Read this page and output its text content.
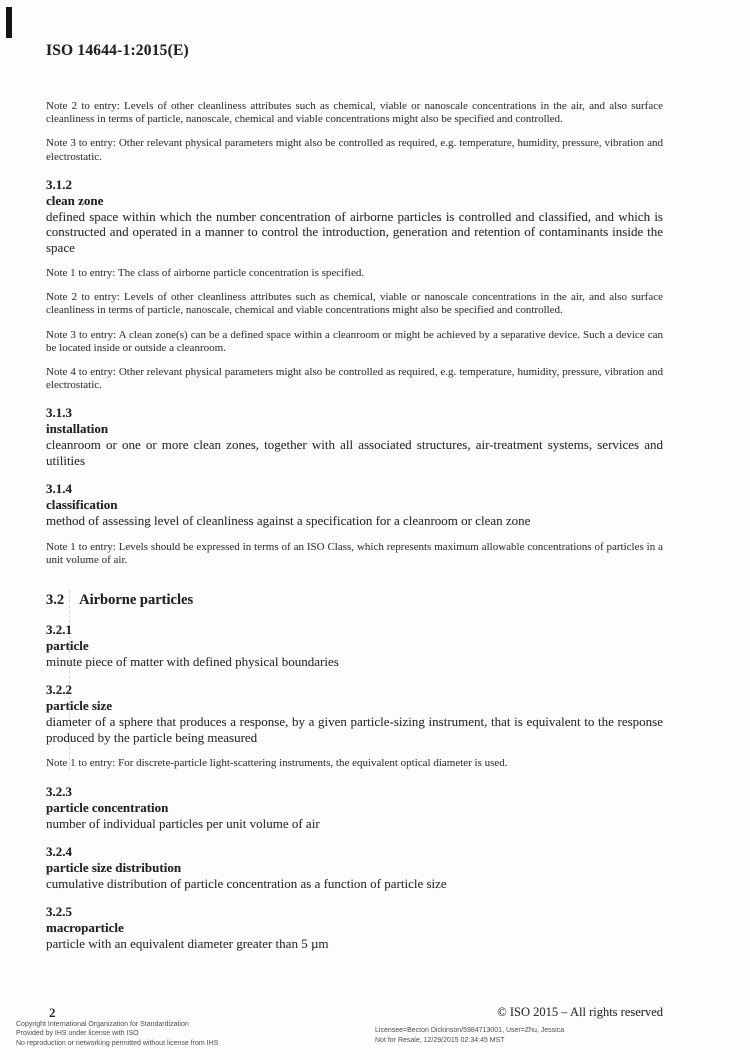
ISO 14644-1:2015(E)

Note 2 to entry: Levels of other cleanliness attributes such as chemical, viable or nanoscale concentrations in the air, and also surface cleanliness in terms of particle, nanoscale, chemical and viable concentrations might also be specified and controlled.

Note 3 to entry: Other relevant physical parameters might also be controlled as required, e.g. temperature, humidity, pressure, vibration and electrostatic.

3.1.2
clean zone

defined space within which the number concentration of airborne particles is controlled and classified, and which is constructed and operated in a manner to control the introduction, generation and retention of contaminants inside the space

Note 1 to entry: The class of airborne particle concentration is specified.

Note 2 to entry: Levels of other cleanliness attributes such as chemical, viable or nanoscale concentrations in the air, and also surface cleanliness in terms of particle, nanoscale, chemical and viable concentrations might also be specified and controlled.

Note 3 to entry: A clean zone(s) can be a defined space within a cleanroom or might be achieved by a separative device. Such a device can be located inside or outside a cleanroom.

Note 4 to entry: Other relevant physical parameters might also be controlled as required, e.g. temperature, humidity, pressure, vibration and electrostatic.

3.1.3
installation

cleanroom or one or more clean zones, together with all associated structures, air-treatment systems, services and utilities

3.1.4
classification

method of assessing level of cleanliness against a specification for a cleanroom or clean zone

Note 1 to entry: Levels should be expressed in terms of an ISO Class, which represents maximum allowable concentrations of particles in a unit volume of air.

3.2 Airborne particles
3.2.1
particle

minute piece of matter with defined physical boundaries

3.2.2
particle size

diameter of a sphere that produces a response, by a given particle-sizing instrument, that is equivalent to the response produced by the particle being measured

Note 1 to entry: For discrete-particle light-scattering instruments, the equivalent optical diameter is used.

3.2.3
particle concentration

number of individual particles per unit volume of air

3.2.4
particle size distribution

cumulative distribution of particle concentration as a function of particle size

3.2.5
macroparticle

particle with an equivalent diameter greater than 5 µm

2
Copyright International Organization for Standardization
Provided by IHS under license with ISO
No reproduction or networking permitted without license from IHS
© ISO 2015 – All rights reserved
Licensee=Becton Dickinson/5984713001, User=Zhu, Jessica
Not for Resale, 12/29/2015 02:34:45 MST
